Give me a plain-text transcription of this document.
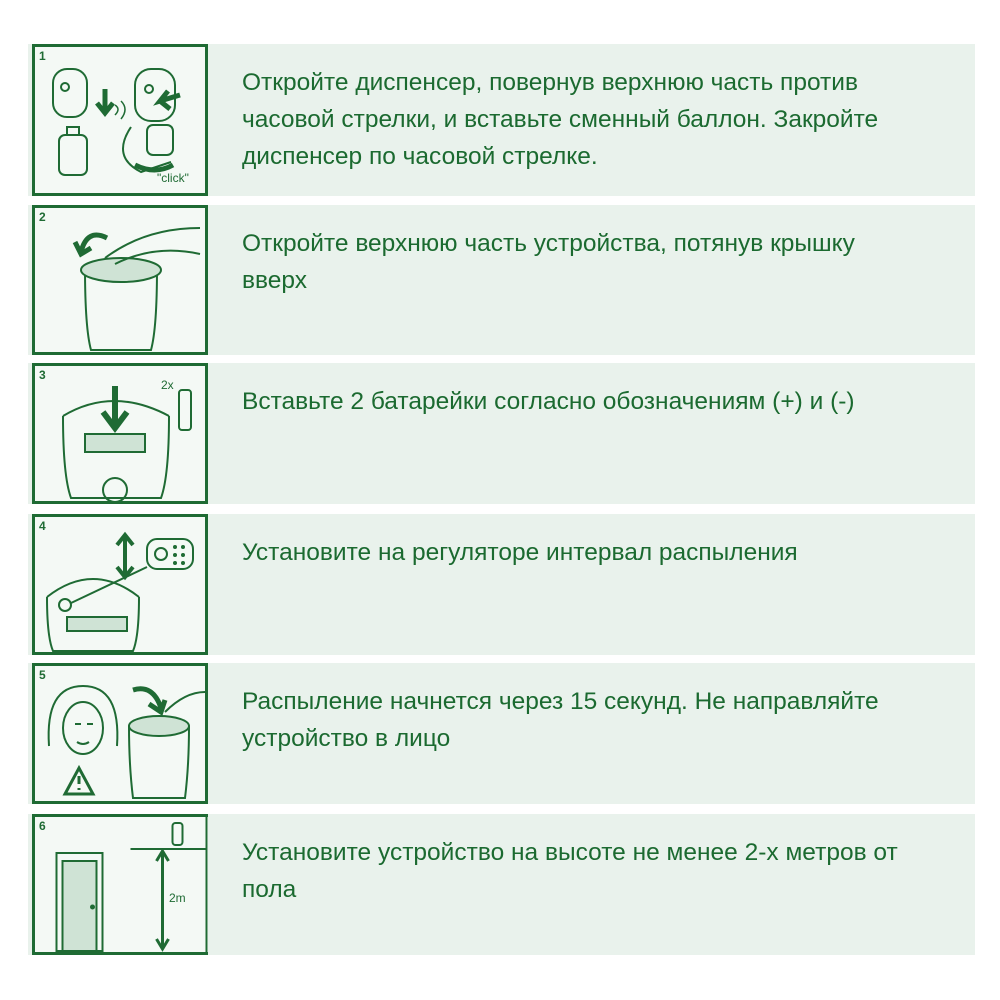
1
"click"
Откройте диспенсер, повернув верхнюю часть против часовой стрелки, и вставьте сменный баллон. Закройте диспенсер по часовой стрелке.
2
Откройте верхнюю часть устройства, потянув крышку вверх
3
2x
Вставьте 2 батарейки согласно обозначениям (+) и (-)
4
Установите на регуляторе интервал распыления
5
Распыление начнется через 15 секунд. Не направляйте устройство в лицо
6
2m
Установите устройство на высоте не менее 2-х метров от пола
